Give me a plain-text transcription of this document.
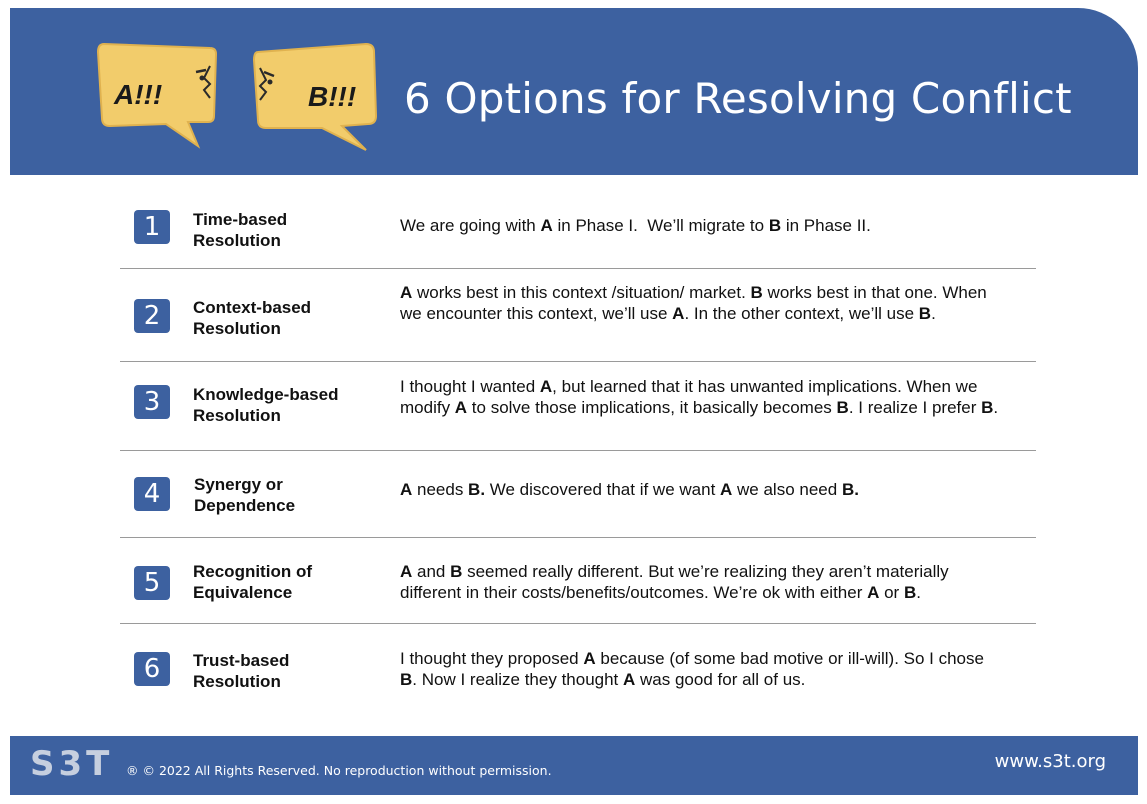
A!!!	B!!! 6 Options for Resolving Conflict
1	Time-based
Resolution
We are going with A in Phase I.  We’ll migrate to B in Phase II.
2	Context-based
Resolution
A works best in this context /situation/ market. B works best in that one. When we encounter this context, we’ll use A. In the other context, we’ll use B.
3	Knowledge-based
Resolution
I thought I wanted A, but learned that it has unwanted implications. When we modify A to solve those implications, it basically becomes B. I realize I prefer B.
4	Synergy or
Dependence
A needs B. We discovered that if we want A we also need B.
5	Recognition of
Equivalence
A and B seemed really different. But we’re realizing they aren’t materially different in their costs/benefits/outcomes. We’re ok with either A or B.
6	Trust-based
Resolution
I thought they proposed A because (of some bad motive or ill-will). So I chose B. Now I realize they thought A was good for all of us.
S3T ® © 2022 All Rights Reserved. No reproduction without permission.	www.s3t.org
